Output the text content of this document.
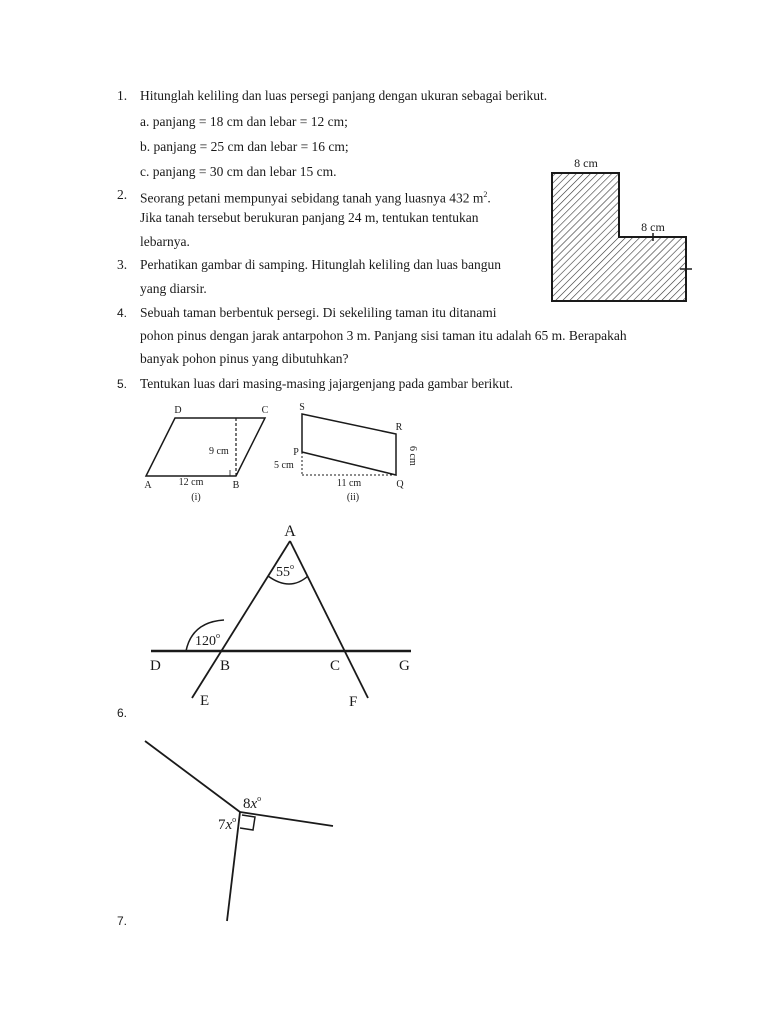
1. Hitunglah keliling dan luas persegi panjang dengan ukuran sebagai berikut.
a. panjang = 18 cm dan lebar = 12 cm;
b. panjang = 25 cm dan lebar = 16 cm;
c. panjang = 30 cm dan lebar 15 cm.
2. Seorang petani mempunyai sebidang tanah yang luasnya 432 $m^2$.
Jika tanah tersebut berukuran panjang 24 m, tentukan tentukan
lebarnya.
3. Perhatikan gambar di samping. Hitunglah keliling dan luas bangun
yang diarsir.
4. Sebuah taman berbentuk persegi. Di sekeliling taman itu ditanami
pohon pinus dengan jarak antarpohon 3 m. Panjang sisi taman itu adalah 65 m. Berapakah
banyak pohon pinus yang dibutuhkan?
5. Tentukan luas dari masing-masing jajargenjang pada gambar berikut.
8 cm
8 cm
D	C
A	B
9 cm
12 cm
(i)
S
R
P
Q
5 cm	6 cm
11 cm
(ii)
6.
A
55$^o$
120$^o$
D	B	C	G
E	F
7.
$8x^o$
$7x^o$
